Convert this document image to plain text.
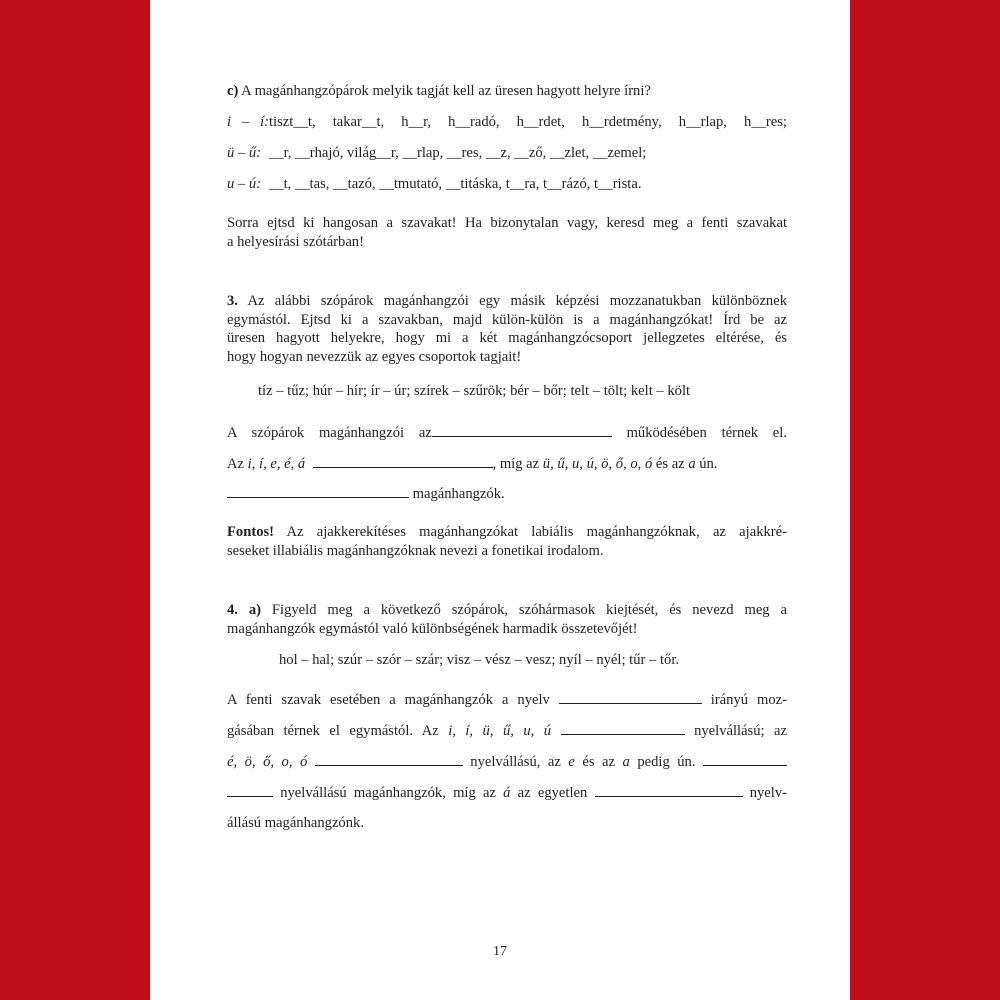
c) A magánhangzópárok melyik tagját kell az üresen hagyott helyre írni?
i – í:tiszt__t, takar__t, h__r, h__radó, h__rdet, h__rdetmény, h__rlap, h__res;
ü – ű: __r, __rhajó, világ__r, __rlap, __res, __z, __ző, __zlet, __zemel;
u – ú: __t, __tas, __tazó, __tmutató, __titáska, t__ra, t__rázó, t__rista.
Sorra ejtsd ki hangosan a szavakat! Ha bizonytalan vagy, keresd meg a fenti szavakat
a helyesírási szótárban!
3. Az alábbi szópárok magánhangzói egy másik képzési mozzanatukban különböznek
egymástól. Ejtsd ki a szavakban, majd külön-külön is a magánhangzókat! Írd be az
üresen hagyott helyekre, hogy mi a két magánhangzócsoport jellegzetes eltérése, és
hogy hogyan nevezzük az egyes csoportok tagjait!
tíz – tűz; húr – hír; ír – úr; szírek – szűrök; bér – bőr; telt – tölt; kelt – költ
A szópárok magánhangzói az	működésében térnek el.
Az i, í, e, é, á	, míg az ü, ű, u, ú, ö, ő, o, ó és az a ún.
magánhangzók.
Fontos! Az ajakkerekítéses magánhangzókat labiális magánhangzóknak, az ajakkré-
seseket illabiális magánhangzóknak nevezi a fonetikai irodalom.
4. a) Figyeld meg a következő szópárok, szóhármasok kiejtését, és nevezd meg a
magánhangzók egymástól való különbségének harmadik összetevőjét!
hol – hal; szúr – szór – szár; visz – vész – vesz; nyíl – nyél; tűr – tőr.
A fenti szavak esetében a magánhangzók a nyelv	irányú moz-
gásában térnek el egymástól. Az i, í, ü, ű, u, ú	nyelvállású; az
é, ö, ő, o, ó	nyelvállású, az e és az a pedig ún.
nyelvállású magánhangzók, míg az á az egyetlen	nyelv-
állású magánhangzónk.
17
